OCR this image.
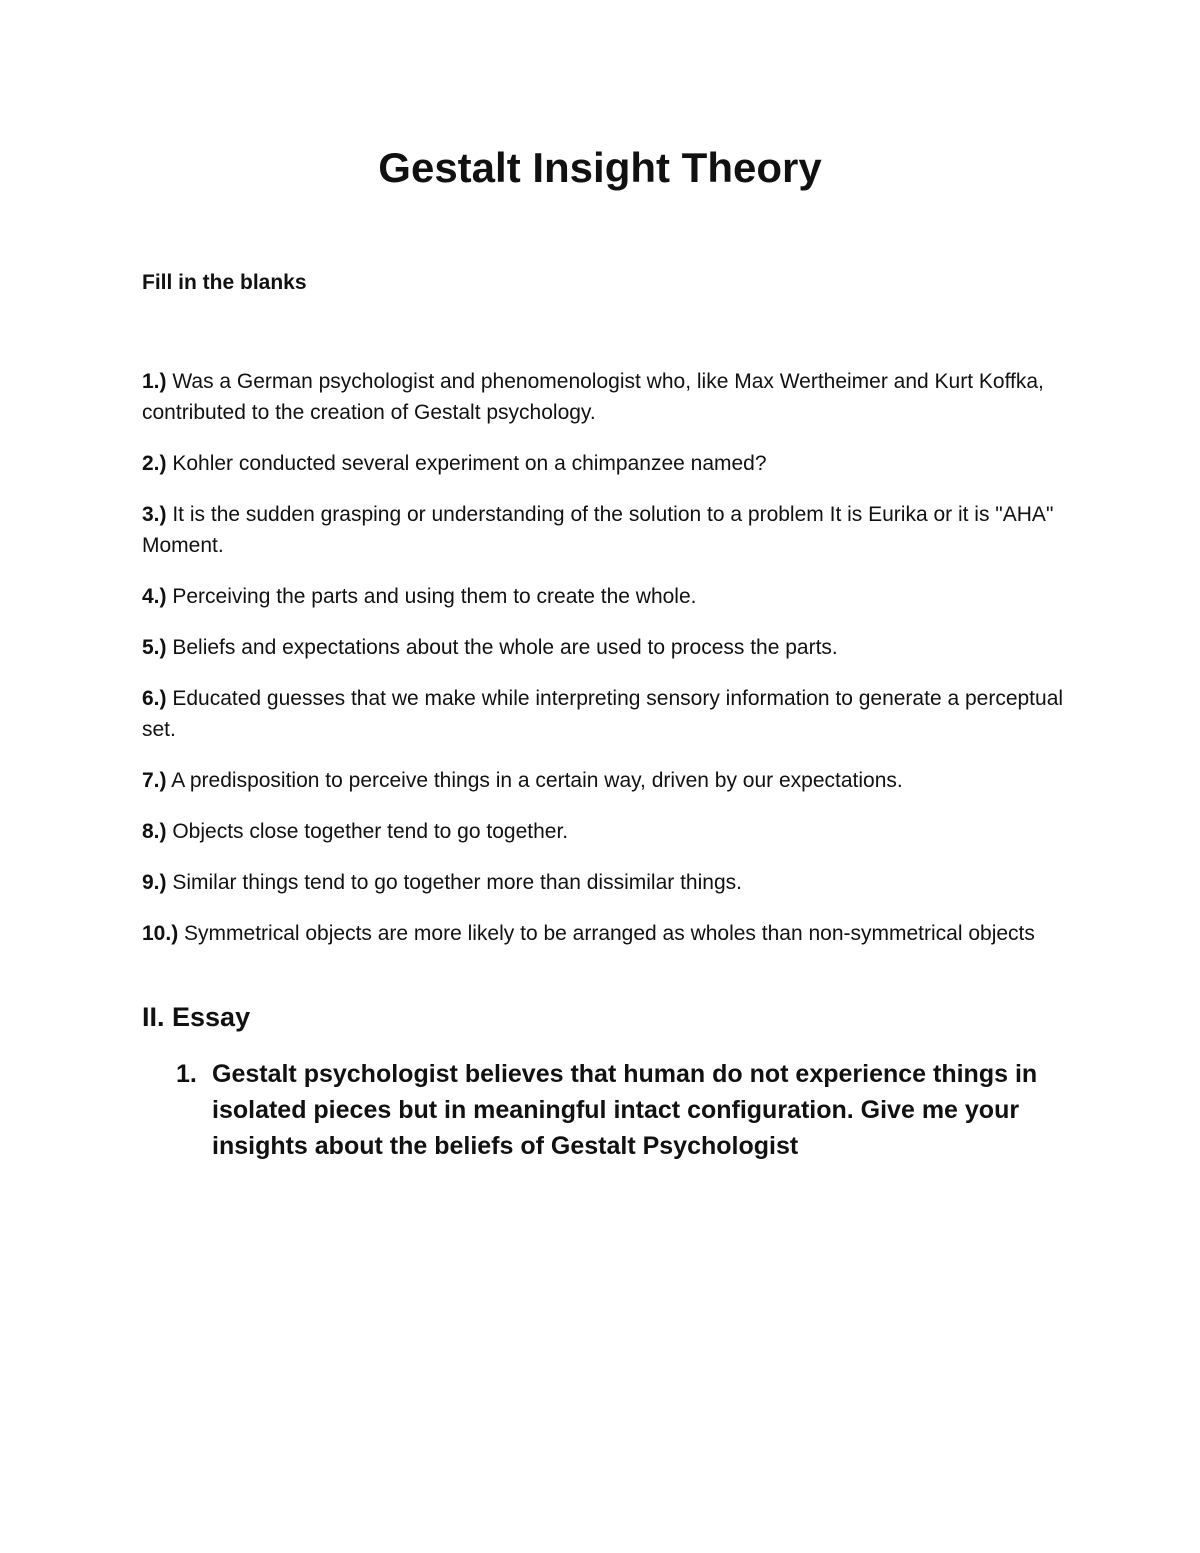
Gestalt Insight Theory
Fill in the blanks
1.) Was a German psychologist and phenomenologist who, like Max Wertheimer and Kurt Koffka, contributed to the creation of Gestalt psychology.
2.) Kohler conducted several experiment on a chimpanzee named?
3.) It is the sudden grasping or understanding of the solution to a problem It is Eurika or it is "AHA" Moment.
4.) Perceiving the parts and using them to create the whole.
5.) Beliefs and expectations about the whole are used to process the parts.
6.) Educated guesses that we make while interpreting sensory information to generate a perceptual set.
7.) A predisposition to perceive things in a certain way, driven by our expectations.
8.) Objects close together tend to go together.
9.) Similar things tend to go together more than dissimilar things.
10.) Symmetrical objects are more likely to be arranged as wholes than non-symmetrical objects
II. Essay
1. Gestalt psychologist believes that human do not experience things in isolated pieces but in meaningful intact configuration. Give me your insights about the beliefs of Gestalt Psychologist
